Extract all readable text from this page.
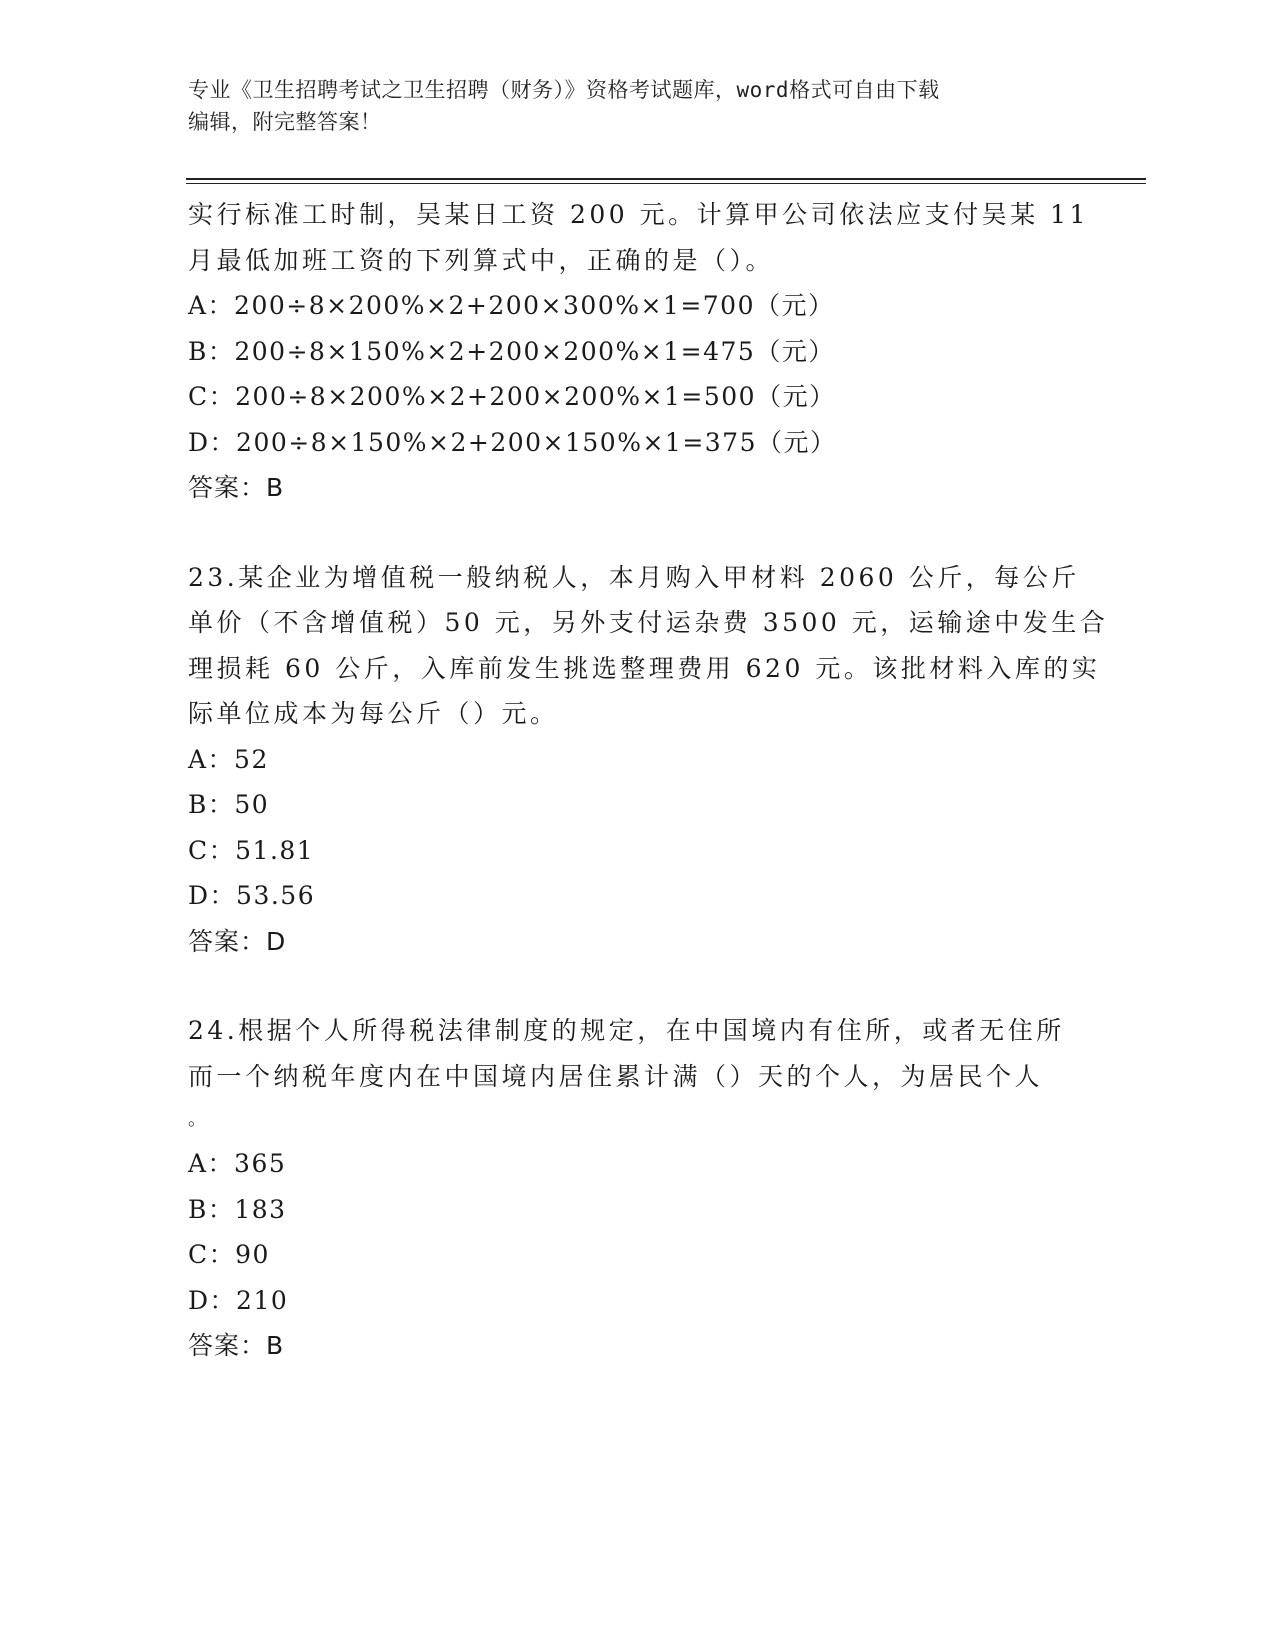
专业《卫生招聘考试之卫生招聘（财务）》资格考试题库，word格式可自由下载
编辑，附完整答案！
实行标准工时制，吴某日工资 200 元。计算甲公司依法应支付吴某 11
月最低加班工资的下列算式中，正确的是（）。
A：200÷8×200%×2+200×300%×1=700（元）
B：200÷8×150%×2+200×200%×1=475（元）
C：200÷8×200%×2+200×200%×1=500（元）
D：200÷8×150%×2+200×150%×1=375（元）
答案：B
23.某企业为增值税一般纳税人，本月购入甲材料 2060 公斤，每公斤
单价（不含增值税）50 元，另外支付运杂费 3500 元，运输途中发生合
理损耗 60 公斤，入库前发生挑选整理费用 620 元。该批材料入库的实
际单位成本为每公斤（）元。
A：52
B：50
C：51.81
D：53.56
答案：D
24.根据个人所得税法律制度的规定，在中国境内有住所，或者无住所
而一个纳税年度内在中国境内居住累计满（）天的个人，为居民个人
。
A：365
B：183
C：90
D：210
答案：B
